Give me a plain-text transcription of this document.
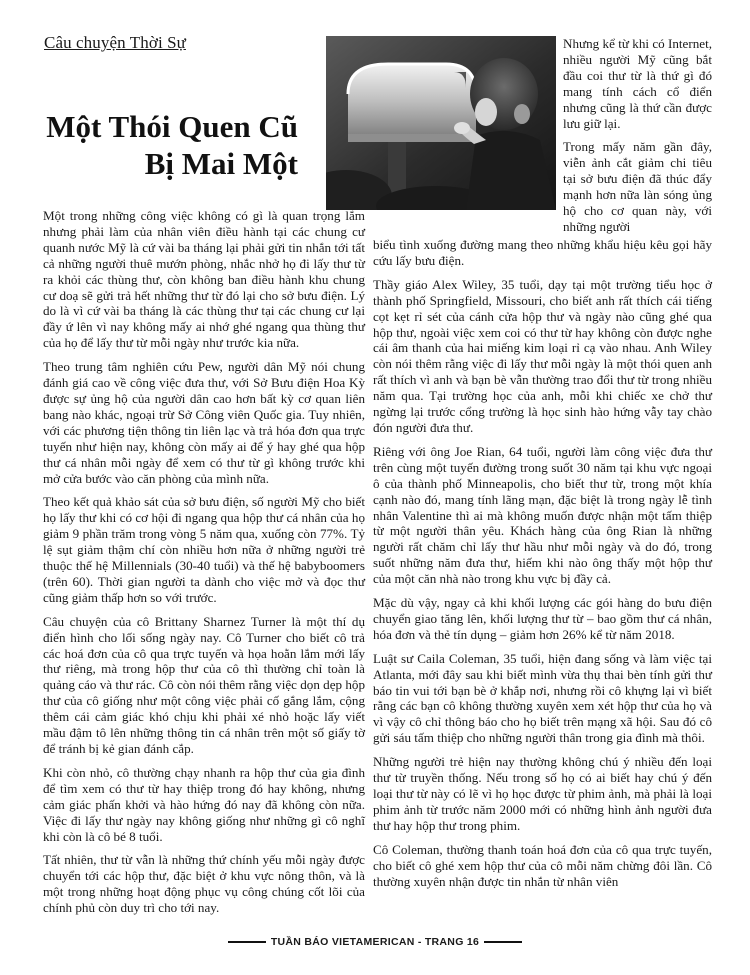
Câu chuyện Thời Sự
Một Thói Quen Cũ
Bị Mai Một

Nhưng kể từ khi có Internet, nhiều người Mỹ cũng bắt đầu coi thư từ là thứ gì đó mang tính cách cổ điển nhưng cũng là thứ cần được lưu giữ lại.

Trong mấy năm gần đây, viễn ảnh cắt giảm chi tiêu tại sở bưu điện đã thúc đẩy mạnh hơn nữa làn sóng ủng hộ cho cơ quan này, với những người

Một trong những công việc không có gì là quan trọng lắm nhưng phải làm của nhân viên điều hành tại các chung cư quanh nước Mỹ là cứ vài ba tháng lại phải gửi tin nhắn tới tất cả những người thuê mướn phòng, nhắc nhở họ đi lấy thư từ ra khỏi các thùng thư, còn không ban điều hành khu chung cư doạ sẽ gửi trả hết những thư từ đó lại cho sở bưu điện. Lý do là vì cứ vài ba tháng là các thùng thư tại các chung cư lại đầy ứ lên vì nay không mấy ai nhớ ghé ngang qua thùng thư của họ để lấy thư từ mỗi ngày như trước kia nữa.

Theo trung tâm nghiên cứu Pew, người dân Mỹ nói chung đánh giá cao về công việc đưa thư, với Sở Bưu điện Hoa Kỳ được sự ủng hộ của người dân cao hơn bất kỳ cơ quan liên bang nào khác, ngoại trừ Sở Công viên Quốc gia. Tuy nhiên, với các phương tiện thông tin liên lạc và trả hóa đơn qua trực tuyến như hiện nay, không còn mấy ai để ý hay ghé qua hộp thư cá nhân mỗi ngày để xem có thư từ gì không trước khi mở cửa bước vào căn phòng của mình nữa.

Theo kết quả khảo sát của sở bưu điện, số người Mỹ cho biết họ lấy thư khi có cơ hội đi ngang qua hộp thư cá nhân của họ giảm 9 phần trăm trong vòng 5 năm qua, xuống còn 77%. Tỷ lệ sụt giảm thậm chí còn nhiều hơn nữa ở những người trẻ thuộc thế hệ Millennials (30-40 tuổi) và thế hệ babyboomers (trên 60). Thời gian người ta dành cho việc mở và đọc thư cũng giảm thấp hơn so với trước.

Câu chuyện của cô Brittany Sharnez Turner là một thí dụ điển hình cho lối sống ngày nay. Cô Turner cho biết cô trả các hoá đơn của cô qua trực tuyến và họa hoằn lắm mới lấy thư riêng, mà trong hộp thư của cô thì thường chỉ toàn là quảng cáo và thư rác. Cô còn nói thêm rằng việc dọn dẹp hộp thư của cô giống như một công việc phải cố gắng lắm, cộng thêm cái cảm giác khó chịu khi phải xé nhỏ hoặc lấy viết mầu đậm tô lên những thông tin cá nhân trên một số giấy tờ để tránh bị kẻ gian đánh cắp.

Khi còn nhỏ, cô thường chạy nhanh ra hộp thư của gia đình để tìm xem có thư từ hay thiệp trong đó hay không, nhưng cảm giác phấn khởi và hào hứng đó nay đã không còn nữa. Việc đi lấy thư ngày nay không giống như những gì cô nghĩ khi còn là cô bé 8 tuổi.

Tất nhiên, thư từ vẫn là những thứ chính yếu mỗi ngày được chuyển tới các hộp thư, đặc biệt ở khu vực nông thôn, và là một trong những hoạt động phục vụ công chúng cốt lõi của chính phủ còn duy trì cho tới nay.

biểu tình xuống đường mang theo những khẩu hiệu kêu gọi hãy cứu lấy bưu điện.

Thầy giáo Alex Wiley, 35 tuổi, dạy tại một trường tiểu học ở thành phố Springfield, Missouri, cho biết anh rất thích cái tiếng cọt kẹt rỉ sét của cánh cửa hộp thư và ngày nào cũng ghé qua hộp thư, ngoài việc xem coi có thư từ hay không còn được nghe cái âm thanh của hai miếng kim loại rỉ cạ vào nhau. Anh Wiley còn nói thêm rằng việc đi lấy thư mỗi ngày là một thói quen anh rất thích vì anh và bạn bè vẫn thường trao đổi thư từ trong nhiều năm qua. Tại trường học của anh, mỗi khi chiếc xe chở thư ngừng lại trước cổng trường là học sinh hào hứng vẫy tay chào đón người đưa thư.

Riêng với ông Joe Rian, 64 tuổi, người làm công việc đưa thư trên cùng một tuyến đường trong suốt 30 năm tại khu vực ngoại ô của thành phố Minneapolis, cho biết thư từ, trong một khía cạnh nào đó, mang tính lãng mạn, đặc biệt là trong ngày lễ tình nhân Valentine thì ai mà không muốn được nhận một tấm thiệp từ một người thân yêu. Khách hàng của ông Rian là những người rất chăm chỉ lấy thư hầu như mỗi ngày và do đó, trong suốt những năm đưa thư, hiếm khi nào ông thấy một hộp thư của một căn nhà nào trong khu vực bị đầy cả.

Mặc dù vậy, ngay cả khi khối lượng các gói hàng do bưu điện chuyển giao tăng lên, khối lượng thư từ – bao gồm thư cá nhân, hóa đơn và thẻ tín dụng – giảm hơn 26% kể từ năm 2018.

Luật sư Caila Coleman, 35 tuổi, hiện đang sống và làm việc tại Atlanta, mới đây sau khi biết mình vừa thụ thai bèn tính gửi thư báo tin vui tới bạn bè ở khắp nơi, nhưng rồi cô khựng lại vì biết rằng các bạn cô không thường xuyên xem xét hộp thư của họ và vì vậy cô chỉ thông báo cho họ biết trên mạng xã hội. Sau đó cô gửi sáu tấm thiệp cho những người thân trong gia đình mà thôi.

Những người trẻ hiện nay thường không chú ý nhiều đến loại thư từ truyền thống. Nếu trong số họ có ai biết hay chú ý đến loại thư từ này có lẽ vì họ học được từ phim ảnh, mà phải là loại phim ảnh từ trước năm 2000 mới có những hình ảnh người đưa thư hay hộp thư trong phim.

Cô Coleman, thường thanh toán hoá đơn của cô qua trực tuyến, cho biết cô ghé xem hộp thư của cô mỗi năm chừng đôi lần. Cô thường xuyên nhận được tin nhắn từ nhân viên

TUẦN BÁO VIETAMERICAN - TRANG 16
